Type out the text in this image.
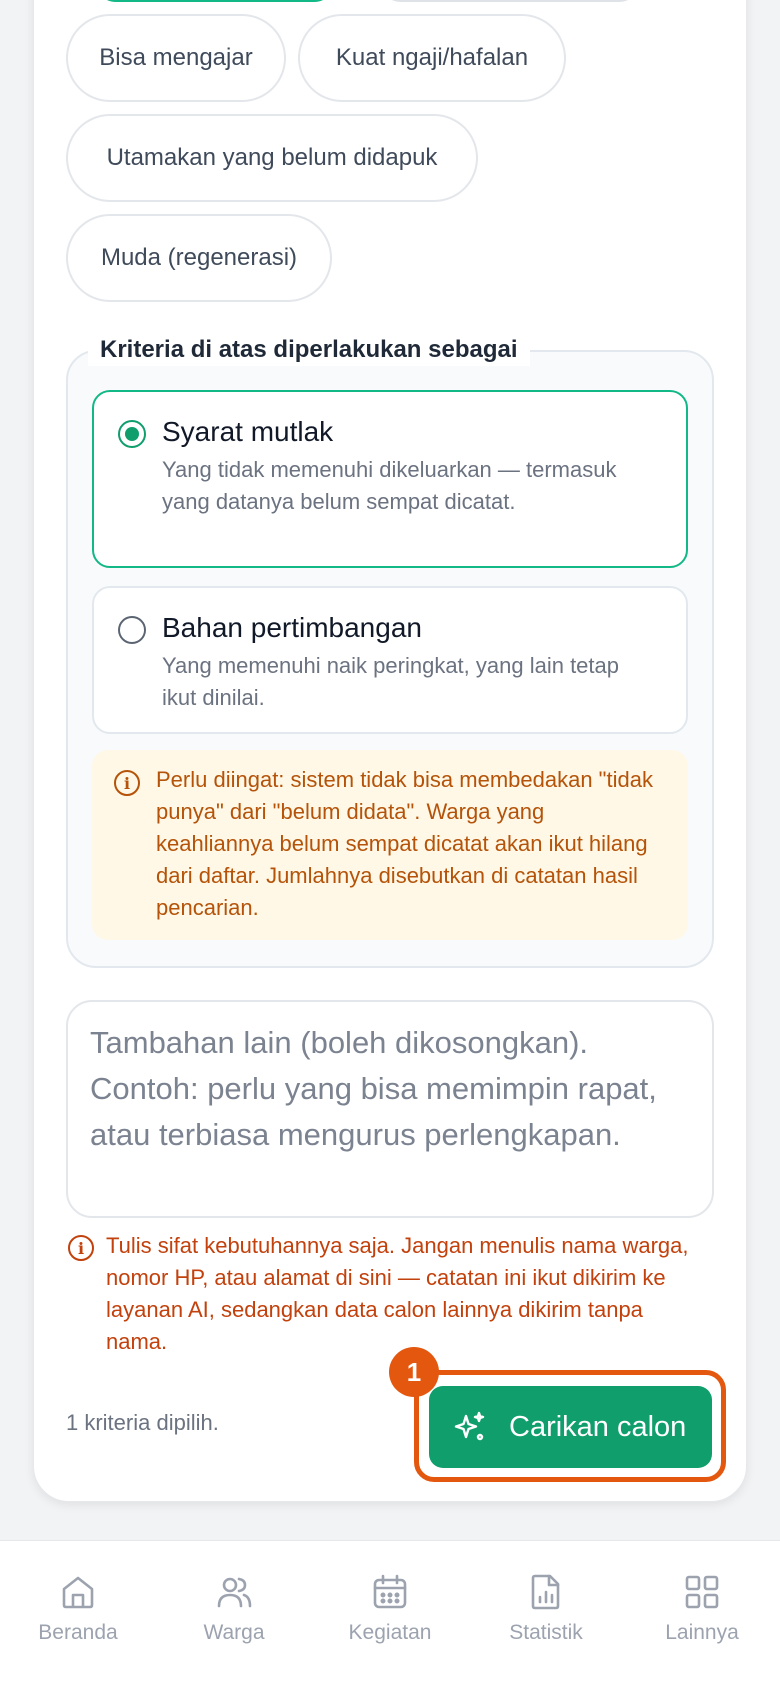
Bisa mengajar	Kuat ngaji/hafalan
Utamakan yang belum didapuk
Muda (regenerasi)
Kriteria di atas diperlakukan sebagai
Syarat mutlak
Yang tidak memenuhi dikeluarkan — termasuk yang datanya belum sempat dicatat.
Bahan pertimbangan
Yang memenuhi naik peringkat, yang lain tetap ikut dinilai.
i	Perlu diingat: sistem tidak bisa membedakan "tidak punya" dari "belum didata". Warga yang keahliannya belum sempat dicatat akan ikut hilang dari daftar. Jumlahnya disebutkan di catatan hasil pencarian.
Tambahan lain (boleh dikosongkan). Contoh: perlu yang bisa memimpin rapat, atau terbiasa mengurus perlengkapan.
i Tulis sifat kebutuhannya saja. Jangan menulis nama warga, nomor HP, atau alamat di sini — catatan ini ikut dikirim ke layanan AI, sedangkan data calon lainnya dikirim tanpa nama.
1 kriteria dipilih.	Carikan calon
1
Beranda	Warga	Kegiatan	Statistik	Lainnya
